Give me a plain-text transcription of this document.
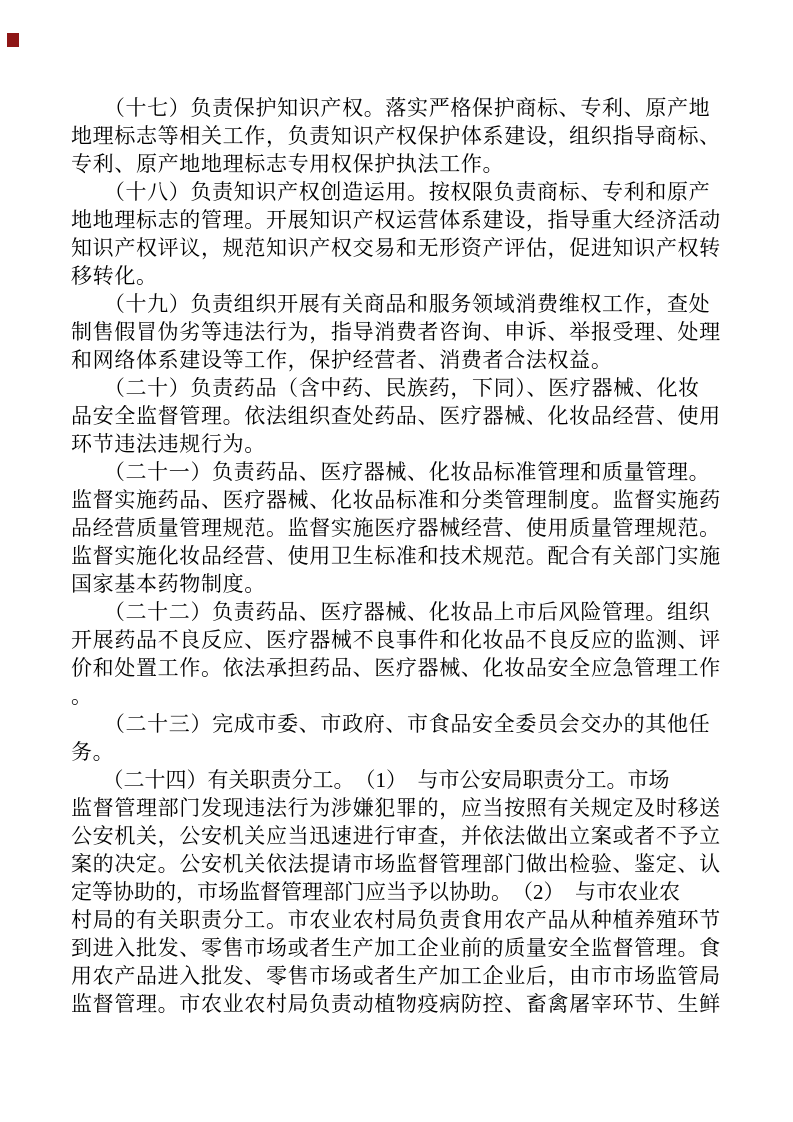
　　（十七）负责保护知识产权。落实严格保护商标、专利、原产地
地理标志等相关工作，负责知识产权保护体系建设，组织指导商标、
专利、原产地地理标志专用权保护执法工作。

　　（十八）负责知识产权创造运用。按权限负责商标、专利和原产
地地理标志的管理。开展知识产权运营体系建设，指导重大经济活动
知识产权评议，规范知识产权交易和无形资产评估，促进知识产权转
移转化。

　　（十九）负责组织开展有关商品和服务领域消费维权工作，查处
制售假冒伪劣等违法行为，指导消费者咨询、申诉、举报受理、处理
和网络体系建设等工作，保护经营者、消费者合法权益。

　　（二十）负责药品（含中药、民族药，下同）、医疗器械、化妆
品安全监督管理。依法组织查处药品、医疗器械、化妆品经营、使用
环节违法违规行为。

　　（二十一）负责药品、医疗器械、化妆品标准管理和质量管理。
监督实施药品、医疗器械、化妆品标准和分类管理制度。监督实施药
品经营质量管理规范。监督实施医疗器械经营、使用质量管理规范。
监督实施化妆品经营、使用卫生标准和技术规范。配合有关部门实施
国家基本药物制度。

　　（二十二）负责药品、医疗器械、化妆品上市后风险管理。组织
开展药品不良反应、医疗器械不良事件和化妆品不良反应的监测、评
价和处置工作。依法承担药品、医疗器械、化妆品安全应急管理工作
。

　　（二十三）完成市委、市政府、市食品安全委员会交办的其他任
务。

　　（二十四）有关职责分工。　（1）　与市公安局职责分工。市场
监督管理部门发现违法行为涉嫌犯罪的，应当按照有关规定及时移送
公安机关，公安机关应当迅速进行审查，并依法做出立案或者不予立
案的决定。公安机关依法提请市场监督管理部门做出检验、鉴定、认
定等协助的，市场监督管理部门应当予以协助。　（2）　与市农业农
村局的有关职责分工。市农业农村局负责食用农产品从种植养殖环节
到进入批发、零售市场或者生产加工企业前的质量安全监督管理。食
用农产品进入批发、零售市场或者生产加工企业后，由市市场监管局
监督管理。市农业农村局负责动植物疫病防控、畜禽屠宰环节、生鲜
